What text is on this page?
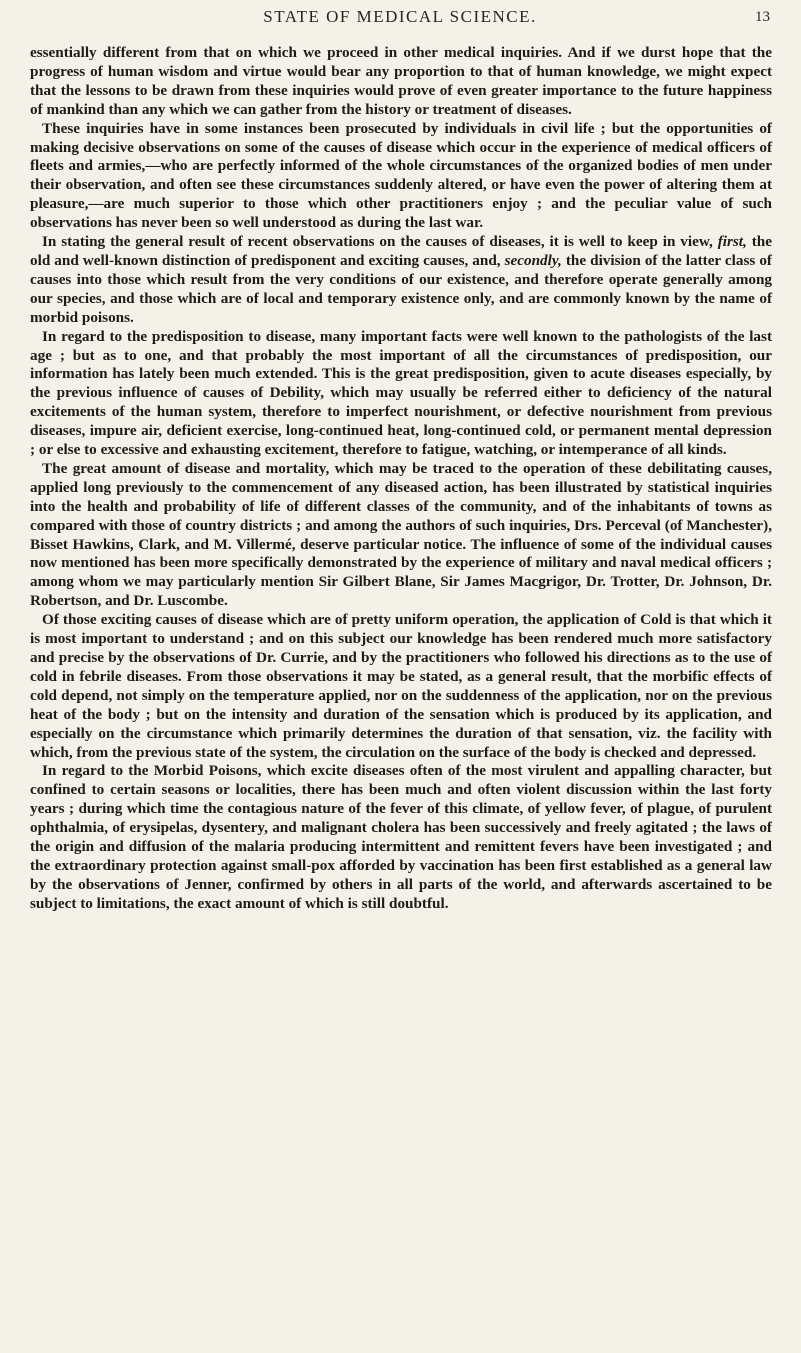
STATE OF MEDICAL SCIENCE.	13

essentially different from that on which we proceed in other medical inquiries. And if we durst hope that the progress of human wisdom and virtue would bear any proportion to that of human knowledge, we might expect that the lessons to be drawn from these inquiries would prove of even greater importance to the future happiness of mankind than any which we can gather from the history or treatment of diseases.

These inquiries have in some instances been prosecuted by individuals in civil life ; but the opportunities of making decisive observations on some of the causes of disease which occur in the experience of medical officers of fleets and armies,—who are perfectly informed of the whole circumstances of the organized bodies of men under their observation, and often see these circumstances suddenly altered, or have even the power of altering them at pleasure,—are much superior to those which other practitioners enjoy ; and the peculiar value of such observations has never been so well understood as during the last war.

In stating the general result of recent observations on the causes of diseases, it is well to keep in view, first, the old and well-known distinction of predisponent and exciting causes, and, secondly, the division of the latter class of causes into those which result from the very conditions of our existence, and therefore operate generally among our species, and those which are of local and temporary existence only, and are commonly known by the name of morbid poisons.

In regard to the predisposition to disease, many important facts were well known to the pathologists of the last age ; but as to one, and that probably the most important of all the circumstances of predisposition, our information has lately been much extended. This is the great predisposition, given to acute diseases especially, by the previous influence of causes of Debility, which may usually be referred either to deficiency of the natural excitements of the human system, therefore to imperfect nourishment, or defective nourishment from previous diseases, impure air, deficient exercise, long-continued heat, long-continued cold, or permanent mental depression ; or else to excessive and exhausting excitement, therefore to fatigue, watching, or intemperance of all kinds.

The great amount of disease and mortality, which may be traced to the operation of these debilitating causes, applied long previously to the commencement of any diseased action, has been illustrated by statistical inquiries into the health and probability of life of different classes of the community, and of the inhabitants of towns as compared with those of country districts ; and among the authors of such inquiries, Drs. Perceval (of Manchester), Bisset Hawkins, Clark, and M. Villermé, deserve particular notice. The influence of some of the individual causes now mentioned has been more specifically demonstrated by the experience of military and naval medical officers ; among whom we may particularly mention Sir Gilbert Blane, Sir James Macgrigor, Dr. Trotter, Dr. Johnson, Dr. Robertson, and Dr. Luscombe.

Of those exciting causes of disease which are of pretty uniform operation, the application of Cold is that which it is most important to understand ; and on this subject our knowledge has been rendered much more satisfactory and precise by the observations of Dr. Currie, and by the practitioners who followed his directions as to the use of cold in febrile diseases. From those observations it may be stated, as a general result, that the morbific effects of cold depend, not simply on the temperature applied, nor on the suddenness of the application, nor on the previous heat of the body ; but on the intensity and duration of the sensation which is produced by its application, and especially on the circumstance which primarily determines the duration of that sensation, viz. the facility with which, from the previous state of the system, the circulation on the surface of the body is checked and depressed.

In regard to the Morbid Poisons, which excite diseases often of the most virulent and appalling character, but confined to certain seasons or localities, there has been much and often violent discussion within the last forty years ; during which time the contagious nature of the fever of this climate, of yellow fever, of plague, of purulent ophthalmia, of erysipelas, dysentery, and malignant cholera has been successively and freely agitated ; the laws of the origin and diffusion of the malaria producing intermittent and remittent fevers have been investigated ; and the extraordinary protection against small-pox afforded by vaccination has been first established as a general law by the observations of Jenner, confirmed by others in all parts of the world, and afterwards ascertained to be subject to limitations, the exact amount of which is still doubtful.
